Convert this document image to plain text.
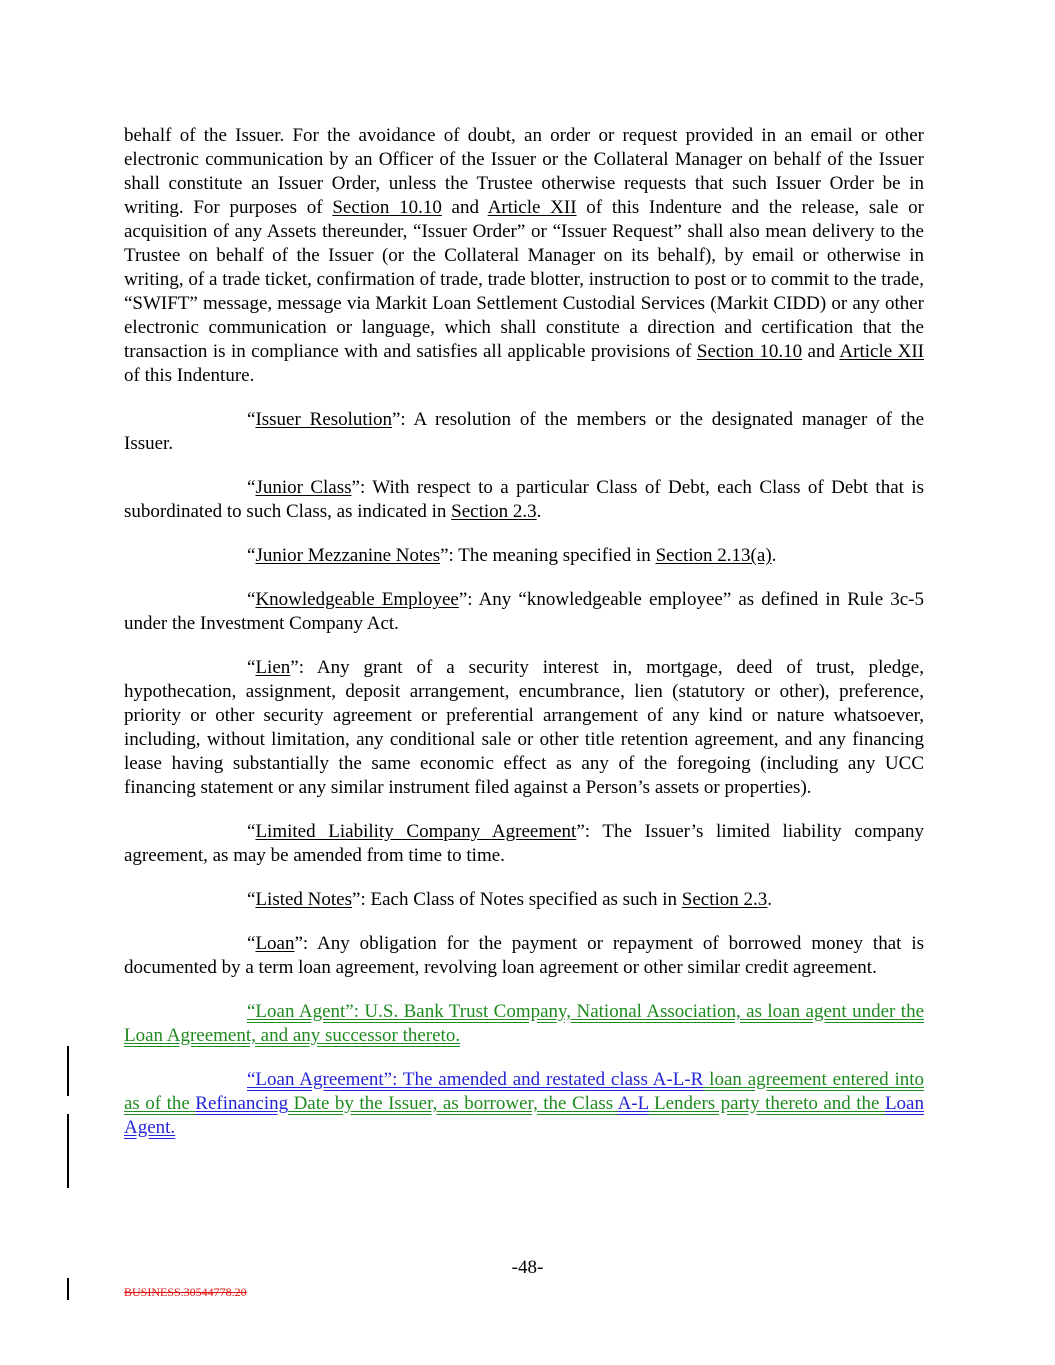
behalf of the Issuer. For the avoidance of doubt, an order or request provided in an email or other electronic communication by an Officer of the Issuer or the Collateral Manager on behalf of the Issuer shall constitute an Issuer Order, unless the Trustee otherwise requests that such Issuer Order be in writing. For purposes of Section 10.10 and Article XII of this Indenture and the release, sale or acquisition of any Assets thereunder, “Issuer Order” or “Issuer Request” shall also mean delivery to the Trustee on behalf of the Issuer (or the Collateral Manager on its behalf), by email or otherwise in writing, of a trade ticket, confirmation of trade, trade blotter, instruction to post or to commit to the trade, “SWIFT” message, message via Markit Loan Settlement Custodial Services (Markit CIDD) or any other electronic communication or language, which shall constitute a direction and certification that the transaction is in compliance with and satisfies all applicable provisions of Section 10.10 and Article XII of this Indenture.

“Issuer Resolution”: A resolution of the members or the designated manager of the Issuer.

“Junior Class”: With respect to a particular Class of Debt, each Class of Debt that is subordinated to such Class, as indicated in Section 2.3.

“Junior Mezzanine Notes”: The meaning specified in Section 2.13(a).

“Knowledgeable Employee”: Any “knowledgeable employee” as defined in Rule 3c-5 under the Investment Company Act.

“Lien”: Any grant of a security interest in, mortgage, deed of trust, pledge, hypothecation, assignment, deposit arrangement, encumbrance, lien (statutory or other), preference, priority or other security agreement or preferential arrangement of any kind or nature whatsoever, including, without limitation, any conditional sale or other title retention agreement, and any financing lease having substantially the same economic effect as any of the foregoing (including any UCC financing statement or any similar instrument filed against a Person’s assets or properties).

“Limited Liability Company Agreement”: The Issuer’s limited liability company agreement, as may be amended from time to time.

“Listed Notes”: Each Class of Notes specified as such in Section 2.3.

“Loan”: Any obligation for the payment or repayment of borrowed money that is documented by a term loan agreement, revolving loan agreement or other similar credit agreement.

“Loan Agent”: U.S. Bank Trust Company, National Association, as loan agent under the Loan Agreement, and any successor thereto.

“Loan Agreement”: The amended and restated class A-L-R loan agreement entered into as of the Refinancing Date by the Issuer, as borrower, the Class A-L Lenders party thereto and the Loan Agent.

-48-
BUSINESS.30544778.20
